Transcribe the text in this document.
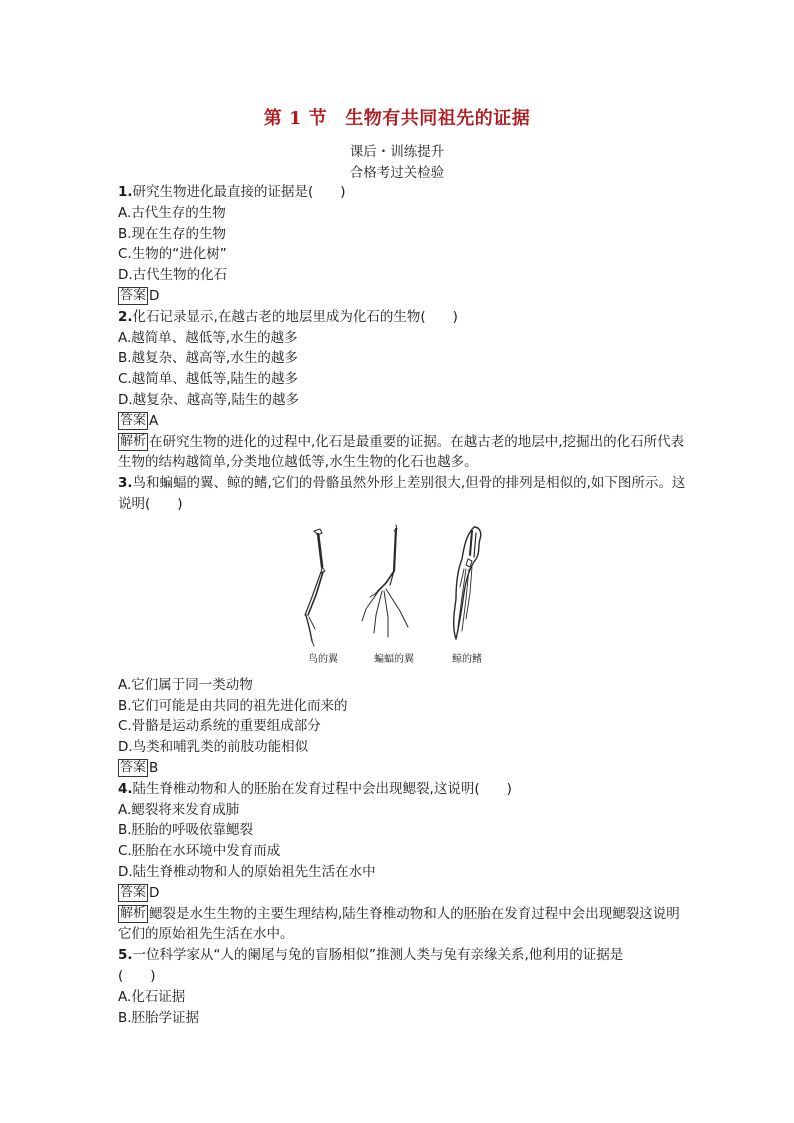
第 1 节 生物有共同祖先的证据
课后・训练提升
合格考过关检验
1.研究生物进化最直接的证据是(　　)
A.古代生存的生物
B.现在生存的生物
C.生物的“进化树”
D.古代生物的化石
答案 D
2.化石记录显示,在越古老的地层里成为化石的生物(　　)
A.越简单、越低等,水生的越多
B.越复杂、越高等,水生的越多
C.越简单、越低等,陆生的越多
D.越复杂、越高等,陆生的越多
答案 A
解析 在研究生物的进化的过程中,化石是最重要的证据。在越古老的地层中,挖掘出的化石所代表生物的结构越简单,分类地位越低等,水生生物的化石也越多。
3.鸟和蝙蝠的翼、鲸的鳍,它们的骨骼虽然外形上差别很大,但骨的排列是相似的,如下图所示。这说明(　　)
鸟的翼	蝙蝠的翼	鲸的鳍
A.它们属于同一类动物
B.它们可能是由共同的祖先进化而来的
C.骨骼是运动系统的重要组成部分
D.鸟类和哺乳类的前肢功能相似
答案 B
4.陆生脊椎动物和人的胚胎在发育过程中会出现鳃裂,这说明(　　)
A.鳃裂将来发育成肺
B.胚胎的呼吸依靠鳃裂
C.胚胎在水环境中发育而成
D.陆生脊椎动物和人的原始祖先生活在水中
答案 D
解析 鳃裂是水生生物的主要生理结构,陆生脊椎动物和人的胚胎在发育过程中会出现鳃裂这说明它们的原始祖先生活在水中。
5.一位科学家从“人的阑尾与兔的盲肠相似”推测人类与兔有亲缘关系,他利用的证据是
(　　)
A.化石证据
B.胚胎学证据
